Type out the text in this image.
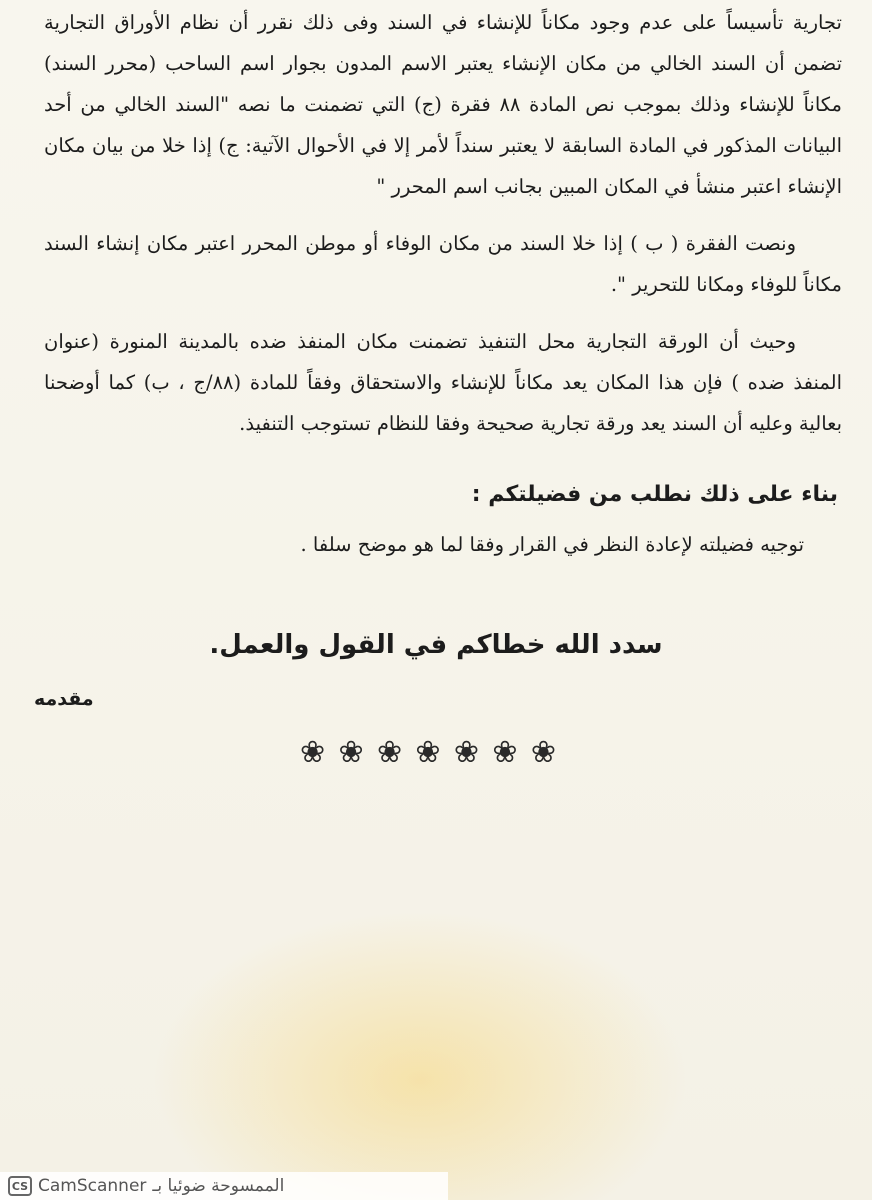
تجارية تأسيساً على عدم وجود مكاناً للإنشاء في السند وفى ذلك نقرر أن نظام الأوراق التجارية تضمن أن السند الخالي من مكان الإنشاء يعتبر الاسم المدون بجوار اسم الساحب (محرر السند) مكاناً للإنشاء وذلك بموجب نص المادة ٨٨ فقرة (ج) التي تضمنت ما نصه "السند الخالي من أحد البيانات المذكور في المادة السابقة لا يعتبر سنداً لأمر إلا في الأحوال الآتية: ج) إذا خلا من بيان مكان الإنشاء اعتبر منشأ في المكان المبين بجانب اسم المحرر "

ونصت الفقرة ( ب ) إذا خلا السند من مكان الوفاء أو موطن المحرر اعتبر مكان إنشاء السند مكاناً للوفاء ومكانا للتحرير ".

وحيث أن الورقة التجارية محل التنفيذ تضمنت مكان المنفذ ضده بالمدينة المنورة (عنوان المنفذ ضده ) فإن هذا المكان يعد مكاناً للإنشاء والاستحقاق وفقاً للمادة (٨٨/ج ، ب) كما أوضحنا بعالية وعليه أن السند يعد ورقة تجارية صحيحة وفقا للنظام تستوجب التنفيذ.

بناء على ذلك نطلب من فضيلتكم :
توجيه فضيلته لإعادة النظر في القرار وفقا لما هو موضح سلفا .
سدد الله خطاكم في القول والعمل.
مقدمه
❀ ❀ ❀ ❀ ❀ ❀ ❀
CS CamScanner الممسوحة ضوئيا بـ
